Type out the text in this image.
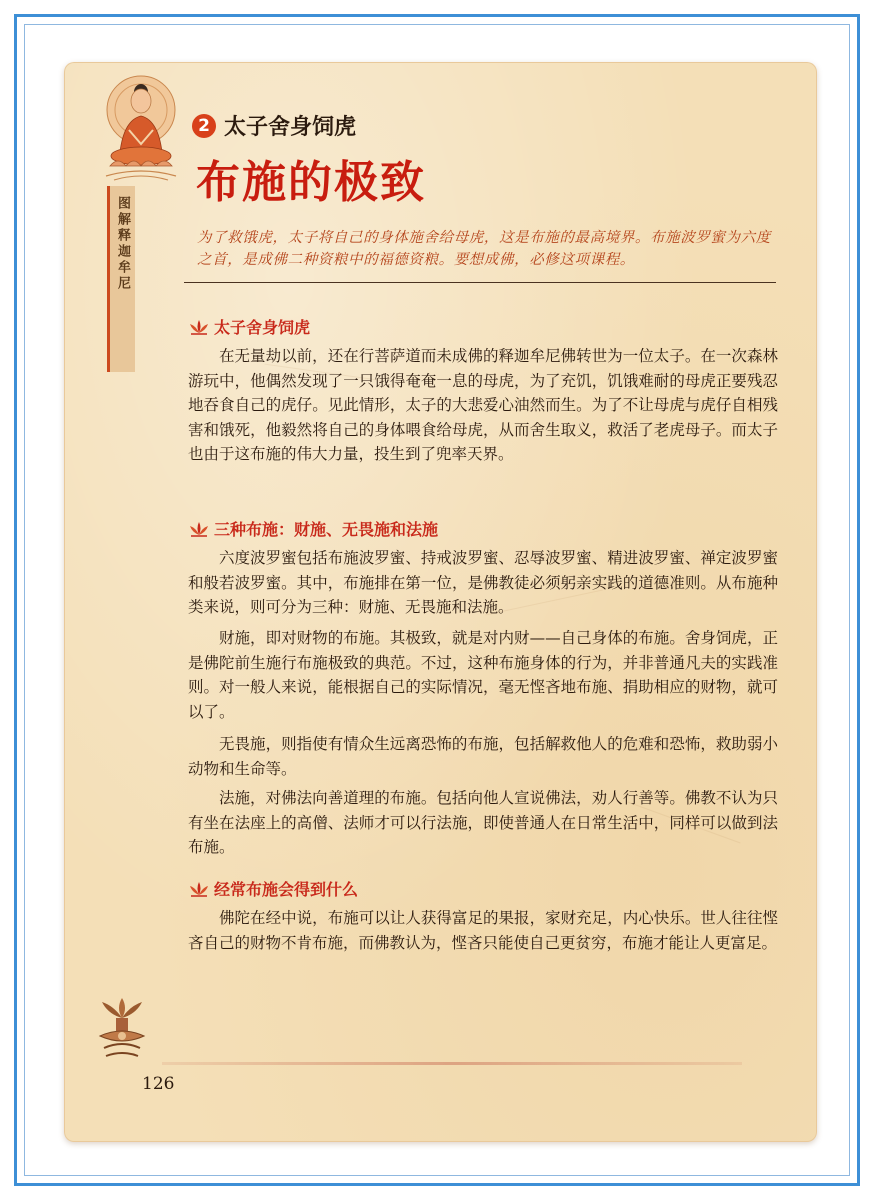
图解释迦牟尼
2 太子舍身饲虎
布施的极致
为了救饿虎，太子将自己的身体施舍给母虎，这是布施的最高境界。布施波罗蜜为六度之首，是成佛二种资粮中的福德资粮。要想成佛，必修这项课程。
太子舍身饲虎

在无量劫以前，还在行菩萨道而未成佛的释迦牟尼佛转世为一位太子。在一次森林游玩中，他偶然发现了一只饿得奄奄一息的母虎，为了充饥，饥饿难耐的母虎正要残忍地吞食自己的虎仔。见此情形，太子的大悲爱心油然而生。为了不让母虎与虎仔自相残害和饿死，他毅然将自己的身体喂食给母虎，从而舍生取义，救活了老虎母子。而太子也由于这布施的伟大力量，投生到了兜率天界。

三种布施：财施、无畏施和法施

六度波罗蜜包括布施波罗蜜、持戒波罗蜜、忍辱波罗蜜、精进波罗蜜、禅定波罗蜜和般若波罗蜜。其中，布施排在第一位，是佛教徒必须躬亲实践的道德准则。从布施种类来说，则可分为三种：财施、无畏施和法施。

财施，即对财物的布施。其极致，就是对内财——自己身体的布施。舍身饲虎，正是佛陀前生施行布施极致的典范。不过，这种布施身体的行为，并非普通凡夫的实践准则。对一般人来说，能根据自己的实际情况，毫无悭吝地布施、捐助相应的财物，就可以了。

无畏施，则指使有情众生远离恐怖的布施，包括解救他人的危难和恐怖，救助弱小动物和生命等。

法施，对佛法向善道理的布施。包括向他人宣说佛法，劝人行善等。佛教不认为只有坐在法座上的高僧、法师才可以行法施，即使普通人在日常生活中，同样可以做到法布施。

经常布施会得到什么

佛陀在经中说，布施可以让人获得富足的果报，家财充足，内心快乐。世人往往悭吝自己的财物不肯布施，而佛教认为，悭吝只能使自己更贫穷，布施才能让人更富足。

126
